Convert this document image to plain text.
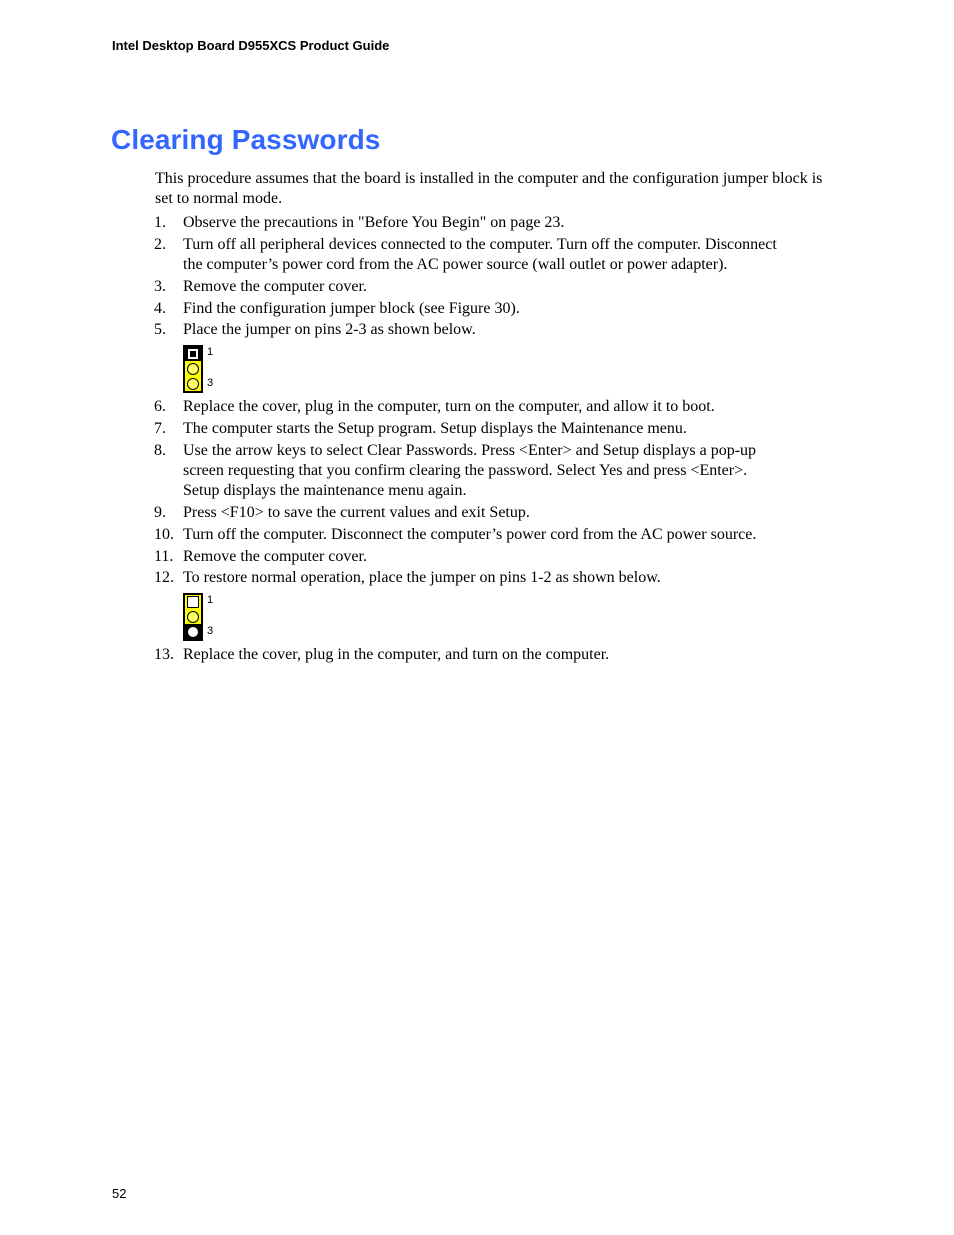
Intel Desktop Board D955XCS Product Guide
Clearing Passwords

This procedure assumes that the board is installed in the computer and the configuration jumper block is set to normal mode.

1. Observe the precautions in "Before You Begin" on page 23.
2. Turn off all peripheral devices connected to the computer. Turn off the computer. Disconnect
the computer’s power cord from the AC power source (wall outlet or power adapter).
3. Remove the computer cover.
4. Find the configuration jumper block (see Figure 30).
5. Place the jumper on pins 2-3 as shown below.
1
3
6. Replace the cover, plug in the computer, turn on the computer, and allow it to boot.
7. The computer starts the Setup program. Setup displays the Maintenance menu.
8. Use the arrow keys to select Clear Passwords. Press <Enter> and Setup displays a pop-up
screen requesting that you confirm clearing the password. Select Yes and press <Enter>.
Setup displays the maintenance menu again.
9. Press <F10> to save the current values and exit Setup.
10. Turn off the computer. Disconnect the computer’s power cord from the AC power source.
11. Remove the computer cover.
12. To restore normal operation, place the jumper on pins 1-2 as shown below.
1
3
13. Replace the cover, plug in the computer, and turn on the computer.
52
